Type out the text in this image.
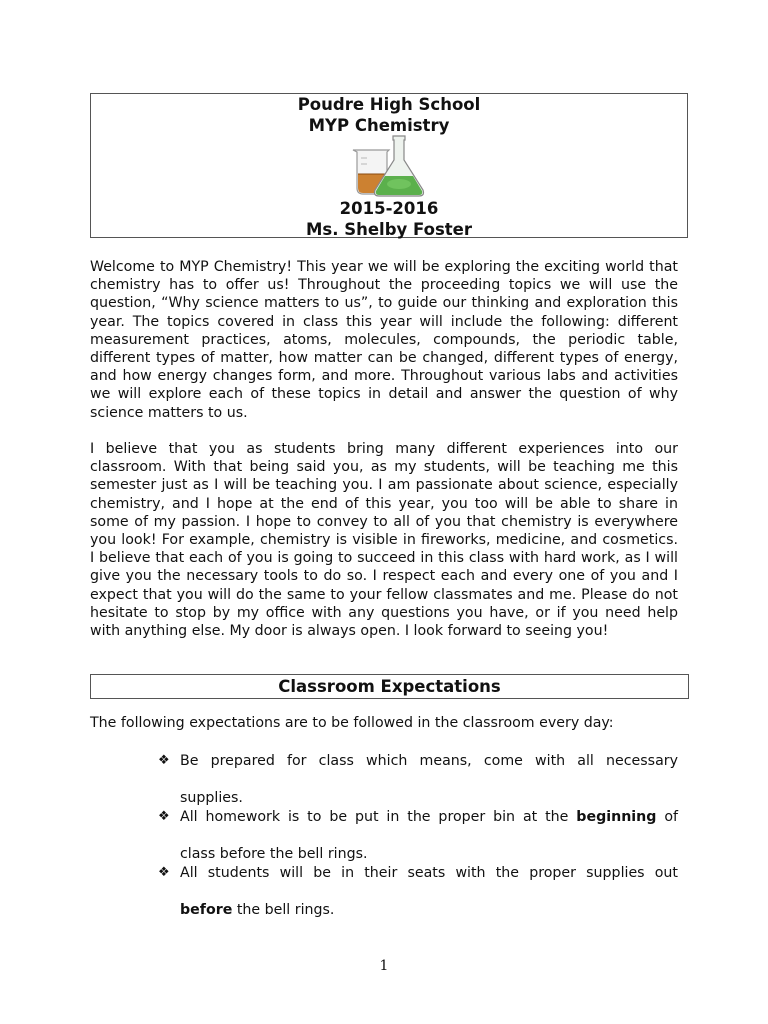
Poudre High School
MYP Chemistry
2015-2016
Ms. Shelby Foster

Welcome to MYP Chemistry! This year we will be exploring the exciting world that chemistry has to offer us! Throughout the proceeding topics we will use the question, “Why science matters to us”, to guide our thinking and exploration this year. The topics covered in class this year will include the following: different measurement practices, atoms, molecules, compounds, the periodic table, different types of matter, how matter can be changed, different types of energy, and how energy changes form, and more. Throughout various labs and activities we will explore each of these topics in detail and answer the question of why science matters to us.

I believe that you as students bring many different experiences into our classroom. With that being said you, as my students, will be teaching me this semester just as I will be teaching you. I am passionate about science, especially chemistry, and I hope at the end of this year, you too will be able to share in some of my passion. I hope to convey to all of you that chemistry is everywhere you look! For example, chemistry is visible in fireworks, medicine, and cosmetics. I believe that each of you is going to succeed in this class with hard work, as I will give you the necessary tools to do so. I respect each and every one of you and I expect that you will do the same to your fellow classmates and me. Please do not hesitate to stop by my office with any questions you have, or if you need help with anything else. My door is always open. I look forward to seeing you!

Classroom Expectations
The following expectations are to be followed in the classroom every day:
❖ Be prepared for class which means, come with all necessary
supplies.
❖ All homework is to be put in the proper bin at the beginning of
class before the bell rings.
❖ All students will be in their seats with the proper supplies out
before the bell rings.
1
